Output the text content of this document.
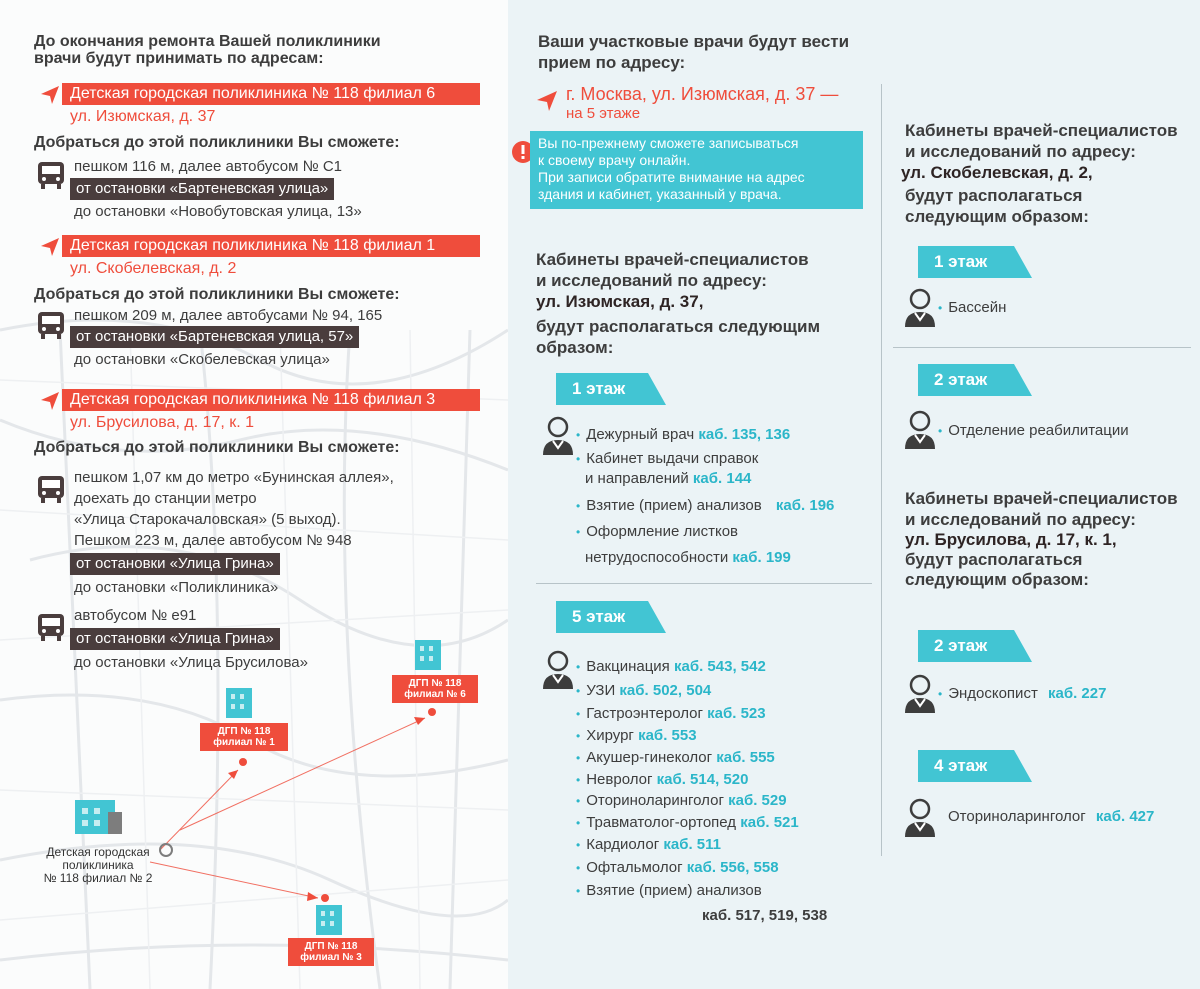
До окончания ремонта Вашей поликлиники
врачи будут принимать по адресам:
Детская городская поликлиника № 118 филиал 6
ул. Изюмская, д. 37
Добраться до этой поликлиники Вы сможете:
пешком 116 м, далее автобусом № С1
от остановки «Бартеневская улица»
до остановки «Новобутовская улица, 13»
Детская городская поликлиника № 118 филиал 1
ул. Скобелевская, д. 2
Добраться до этой поликлиники Вы сможете:
пешком 209 м, далее автобусами № 94, 165
от остановки «Бартеневская улица, 57»
до остановки «Скобелевская улица»
Детская городская поликлиника № 118 филиал 3
ул. Брусилова, д. 17, к. 1
Добраться до этой поликлиники Вы сможете:
пешком 1,07 км до метро «Бунинская аллея»,
доехать до станции метро
«Улица Старокачаловская» (5 выход).
Пешком 223 м, далее автобусом № 948
от остановки «Улица Грина»
до остановки «Поликлиника»
автобусом № е91
от остановки «Улица Грина»
до остановки «Улица Брусилова»
ДГП № 118
филиал № 1
ДГП № 118
филиал № 6
ДГП № 118
филиал № 3
Детская городская
поликлиника
№ 118 филиал № 2
Ваши участковые врачи будут вести
прием по адресу:
г. Москва, ул. Изюмская, д. 37 —
на 5 этаже
Вы по-прежнему сможете записываться
к своему врачу онлайн.
При записи обратите внимание на адрес
здания и кабинет, указанный у врача.
Кабинеты врачей-специалистов
и исследований по адресу:
ул. Изюмская, д. 37,
будут располагаться следующим
образом:
1 этаж
• Дежурный врач каб. 135, 136
• Кабинет выдачи справок
и направлений каб. 144
• Взятие (прием) анализов каб. 196
• Оформление листков
нетрудоспособности каб. 199
5 этаж
• Вакцинация каб. 543, 542
• УЗИ каб. 502, 504
• Гастроэнтеролог каб. 523
• Хирург каб. 553
• Акушер-гинеколог каб. 555
• Невролог каб. 514, 520
• Оториноларинголог каб. 529
• Травматолог-ортопед каб. 521
• Кардиолог каб. 511
• Офтальмолог каб. 556, 558
• Взятие (прием) анализов
каб. 517, 519, 538
Кабинеты врачей-специалистов
и исследований по адресу:
ул. Скобелевская, д. 2,
будут располагаться
следующим образом:
1 этаж
• Бассейн
2 этаж
• Отделение реабилитации
Кабинеты врачей-специалистов
и исследований по адресу:
ул. Брусилова, д. 17, к. 1,
будут располагаться
следующим образом:
2 этаж
• Эндоскопист каб. 227
4 этаж
Оториноларинголог каб. 427
